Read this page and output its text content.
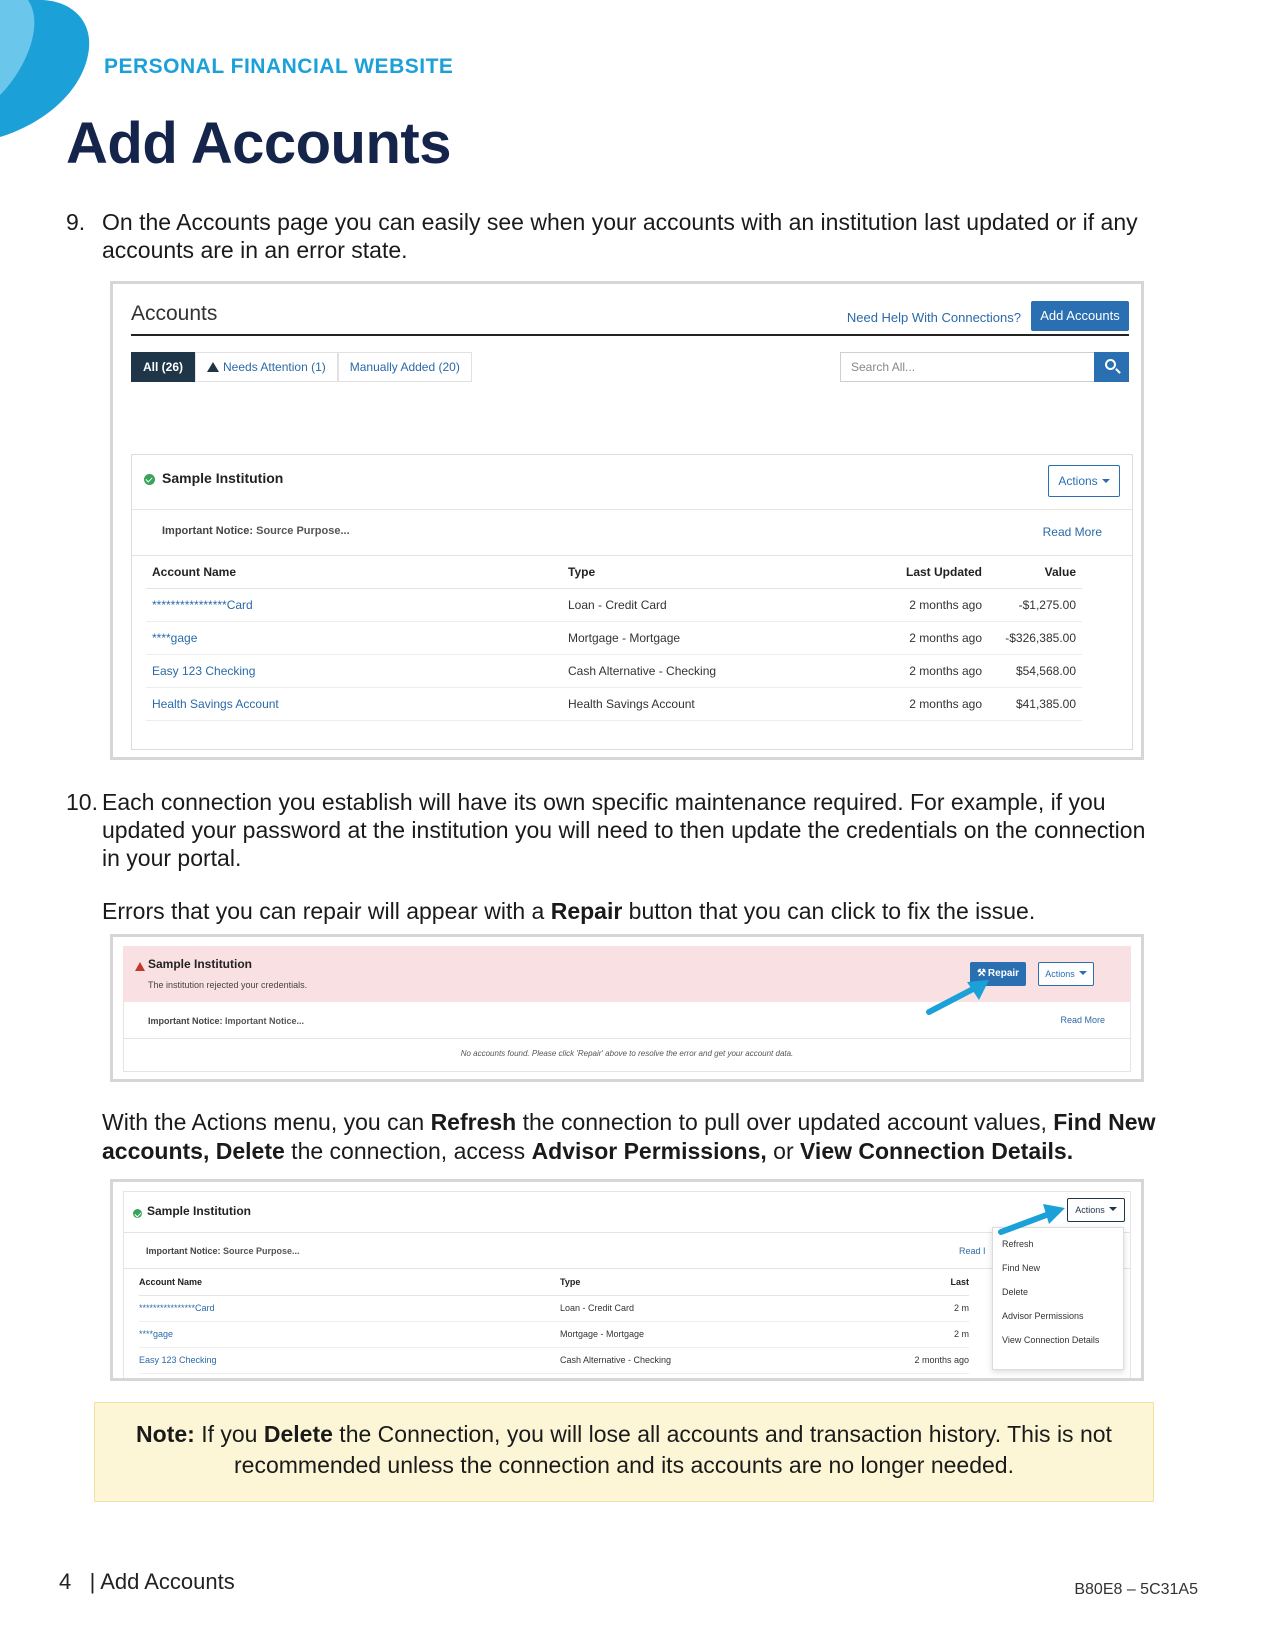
PERSONAL FINANCIAL WEBSITE
Add Accounts
9. On the Accounts page you can easily see when your accounts with an institution last updated or if any accounts are in an error state.
Accounts	Need Help With Connections?	Add Accounts
All (26)	Needs Attention (1)	Manually Added (20)	Search All...
Sample Institution	Actions
Important Notice: Source Purpose...	Read More
Account Name	Type	Last Updated	Value
****************Card	Loan - Credit Card	2 months ago	-$1,275.00
****gage	Mortgage - Mortgage	2 months ago	-$326,385.00
Easy 123 Checking	Cash Alternative - Checking	2 months ago	$54,568.00
Health Savings Account	Health Savings Account	2 months ago	$41,385.00
10. Each connection you establish will have its own specific maintenance required. For example, if you updated your password at the institution you will need to then update the credentials on the connection in your portal.
Errors that you can repair will appear with a Repair button that you can click to fix the issue.
Sample Institution
The institution rejected your credentials.
⚒ Repair	Actions
Important Notice: Important Notice...	Read More
No accounts found. Please click 'Repair' above to resolve the error and get your account data.
With the Actions menu, you can Refresh the connection to pull over updated account values, Find New accounts, Delete the connection, access Advisor Permissions, or View Connection Details.
Sample Institution	Actions
Important Notice: Source Purpose...	Read I
Account Name	Type	Last
****************Card	Loan - Credit Card	2 m
****gage	Mortgage - Mortgage	2 m
Easy 123 Checking	Cash Alternative - Checking	2 months ago
Refresh
Find New
Delete
Advisor Permissions
View Connection Details
Note: If you Delete the Connection, you will lose all accounts and transaction history. This is not recommended unless the connection and its accounts are no longer needed.
4 | Add Accounts	B80E8 – 5C31A5
